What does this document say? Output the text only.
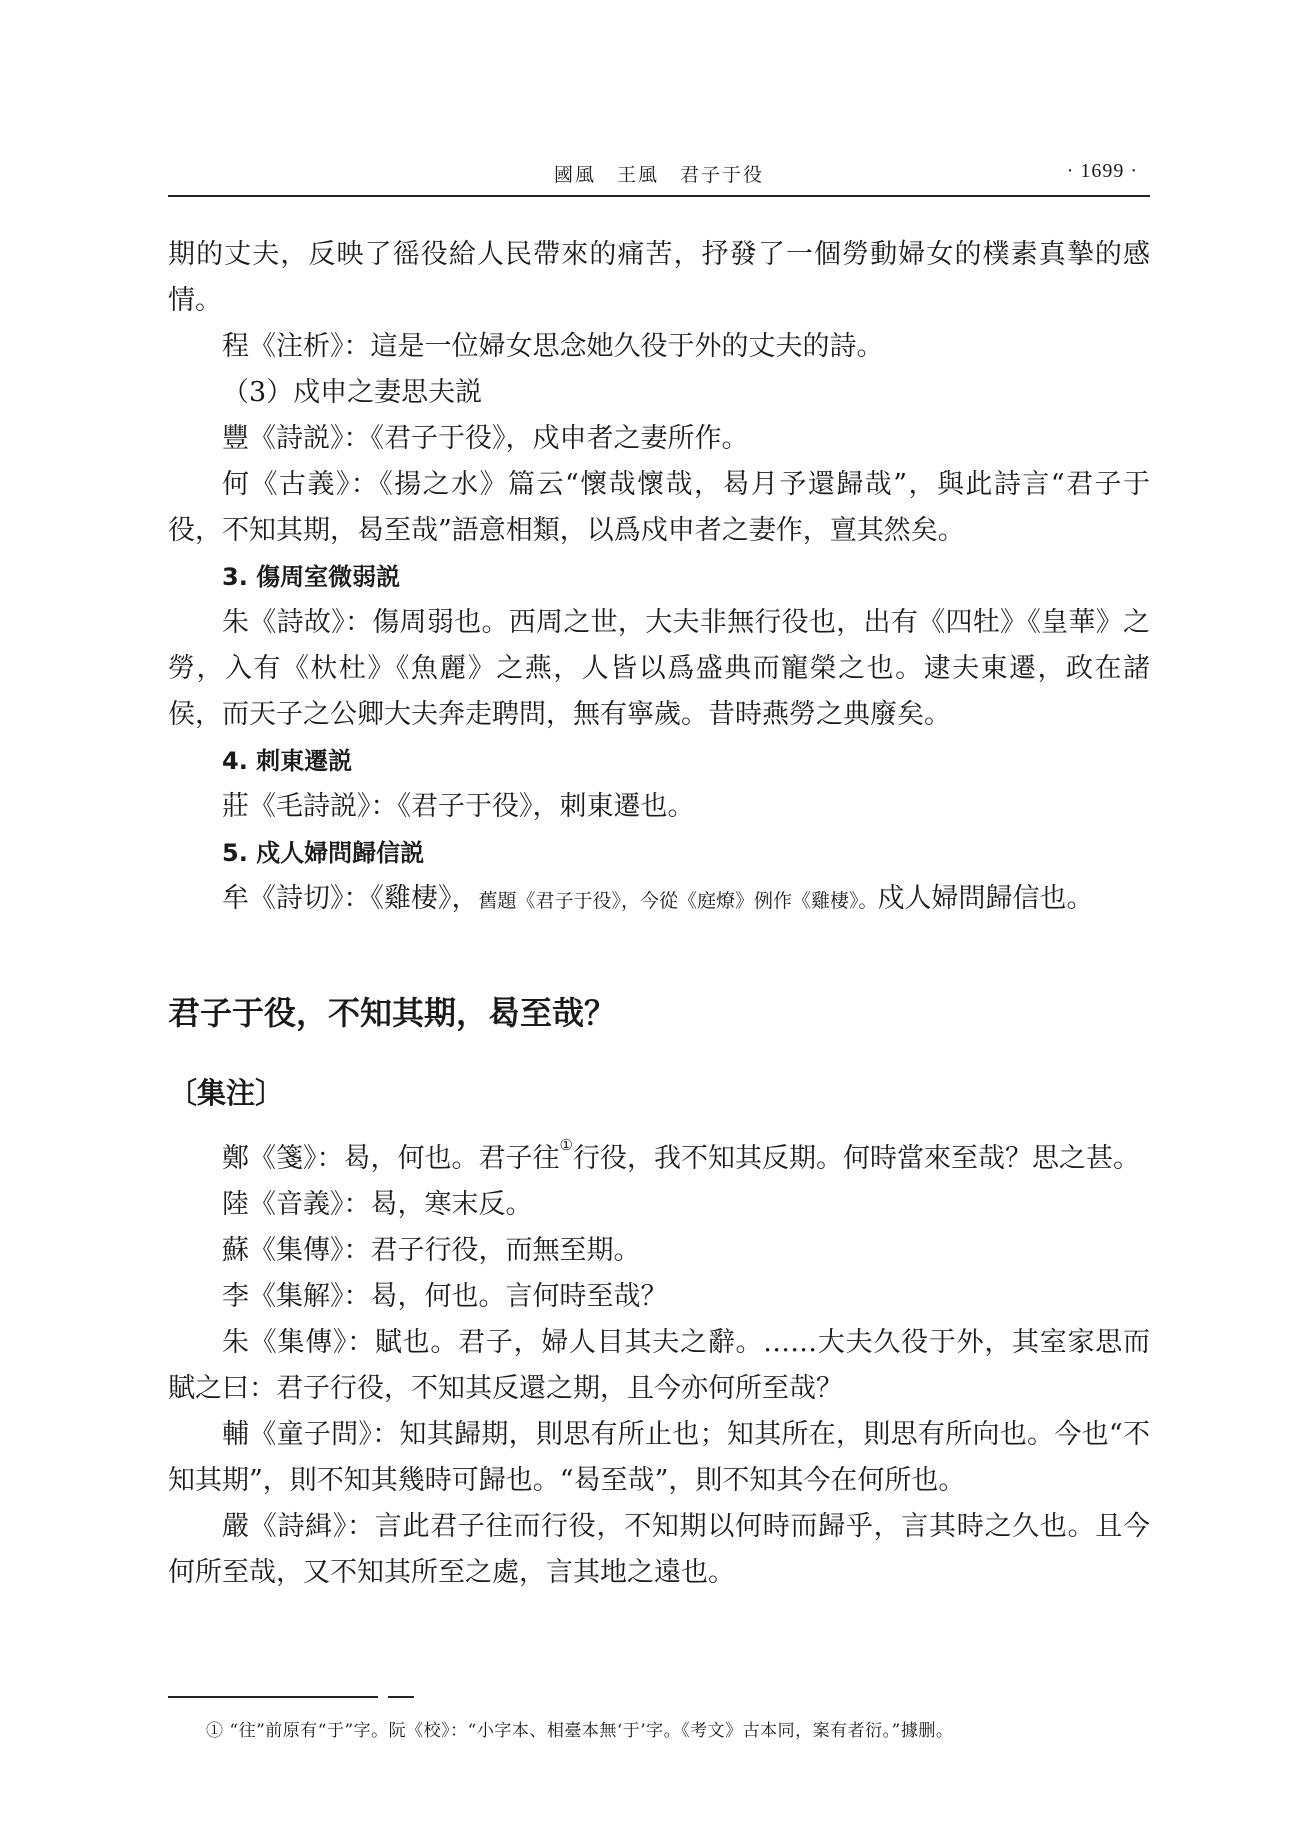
國風　王風　君子于役	· 1699 ·

期的丈夫，反映了徭役給人民帶來的痛苦，抒發了一個勞動婦女的樸素真摯的感情。

程《注析》：這是一位婦女思念她久役于外的丈夫的詩。

（3）戍申之妻思夫説

豐《詩説》：《君子于役》，戍申者之妻所作。

何《古義》：《揚之水》篇云“懷哉懷哉，曷月予還歸哉”，與此詩言“君子于役，不知其期，曷至哉”語意相類，以爲戍申者之妻作，亶其然矣。

3. 傷周室微弱説

朱《詩故》：傷周弱也。西周之世，大夫非無行役也，出有《四牡》《皇華》之勞，入有《杕杜》《魚麗》之燕，人皆以爲盛典而寵榮之也。逮夫東遷，政在諸侯，而天子之公卿大夫奔走聘問，無有寧歲。昔時燕勞之典廢矣。

4. 刺東遷説

莊《毛詩説》：《君子于役》，刺東遷也。

5. 戍人婦問歸信説

牟《詩切》：《雞棲》，舊題《君子于役》，今從《庭燎》例作《雞棲》。戍人婦問歸信也。

君子于役，不知其期，曷至哉？
〔集注〕

鄭《箋》：曷，何也。君子往①行役，我不知其反期。何時當來至哉？思之甚。

陸《音義》：曷，寒末反。

蘇《集傳》：君子行役，而無至期。

李《集解》：曷，何也。言何時至哉？

朱《集傳》：賦也。君子，婦人目其夫之辭。……大夫久役于外，其室家思而賦之曰：君子行役，不知其反還之期，且今亦何所至哉？

輔《童子問》：知其歸期，則思有所止也；知其所在，則思有所向也。今也“不知其期”，則不知其幾時可歸也。“曷至哉”，則不知其今在何所也。

嚴《詩緝》：言此君子往而行役，不知期以何時而歸乎，言其時之久也。且今何所至哉，又不知其所至之處，言其地之遠也。

① “往”前原有“于”字。阮《校》：“小字本、相臺本無‘于’字。《考文》古本同，案有者衍。”據删。
